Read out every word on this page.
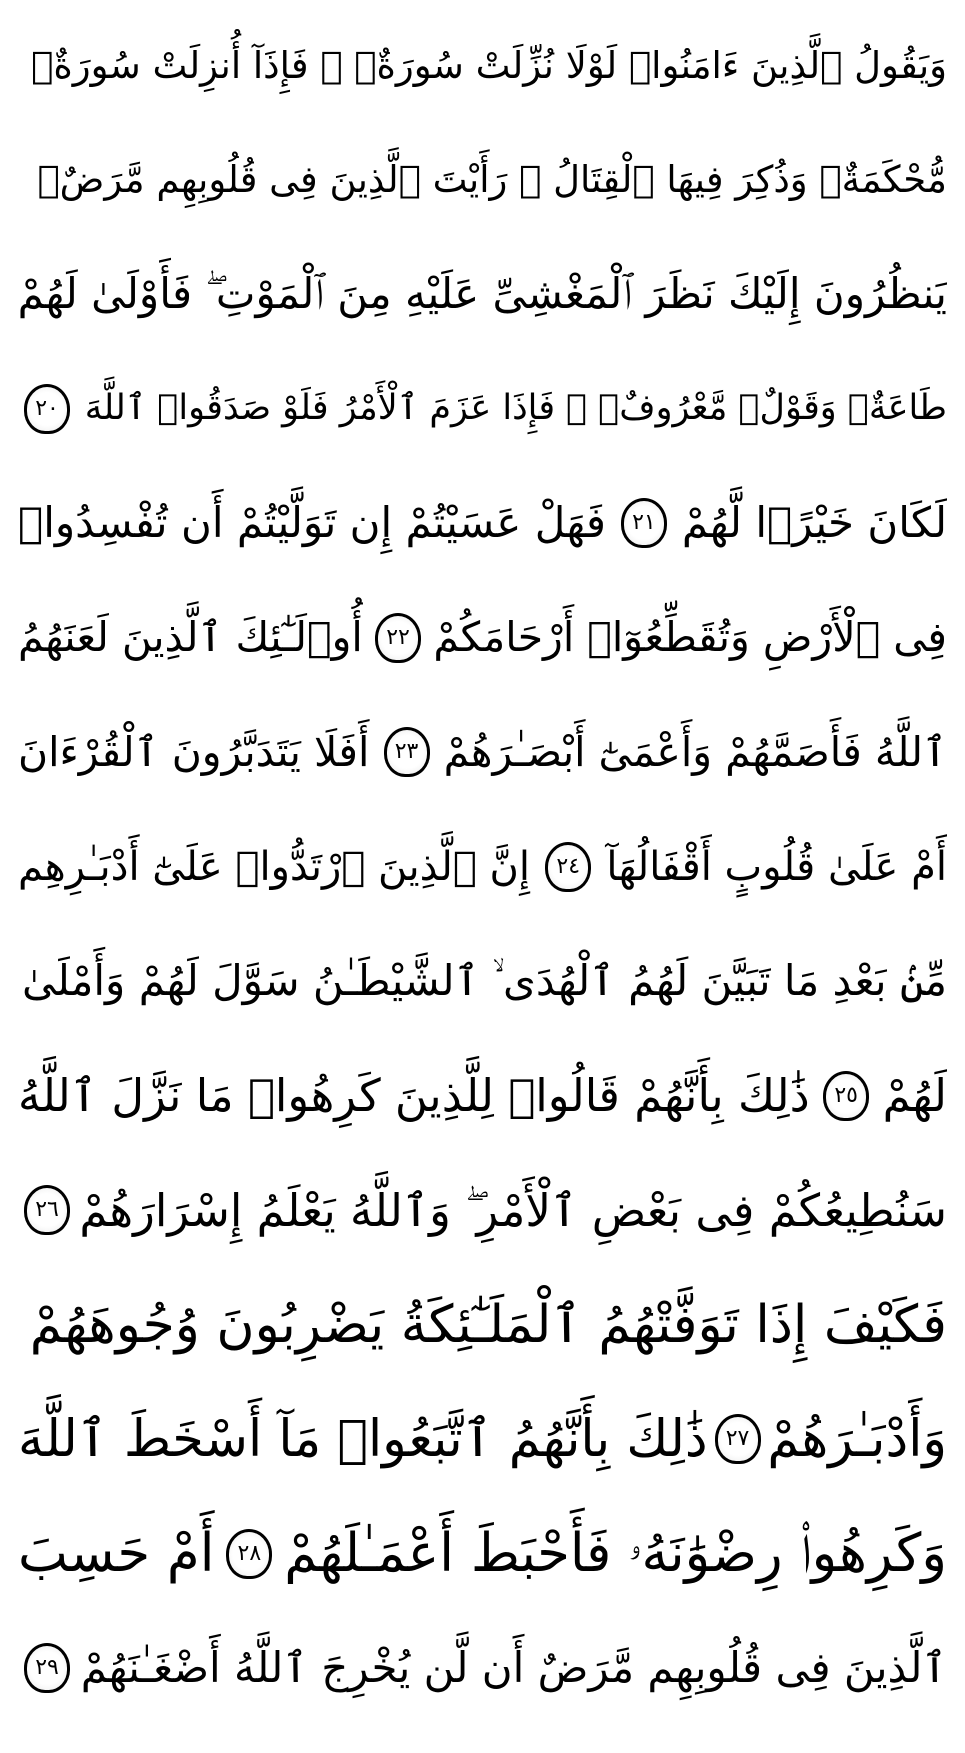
وَيَقُولُ ٱلَّذِينَ ءَامَنُوا۟ لَوْلَا نُزِّلَتْ سُورَةٌۭ ۖ فَإِذَآ أُنزِلَتْ سُورَةٌۭ
مُّحْكَمَةٌۭ وَذُكِرَ فِيهَا ٱلْقِتَالُ ۙ رَأَيْتَ ٱلَّذِينَ فِى قُلُوبِهِم مَّرَضٌۭ
يَنظُرُونَ إِلَيْكَ نَظَرَ ٱلْمَغْشِىِّ عَلَيْهِ مِنَ ٱلْمَوْتِ ۖ فَأَوْلَىٰ لَهُمْ
طَاعَةٌۭ وَقَوْلٌۭ مَّعْرُوفٌۭ ۚ فَإِذَا عَزَمَ ٱلْأَمْرُ فَلَوْ صَدَقُوا۟ ٱللَّهَ
٢٠
لَكَانَ خَيْرًۭا لَّهُمْ
٢١
فَهَلْ عَسَيْتُمْ إِن تَوَلَّيْتُمْ أَن تُفْسِدُوا۟
فِى ٱلْأَرْضِ وَتُقَطِّعُوٓا۟ أَرْحَامَكُمْ
٢٢
أُو۟لَـٰٓئِكَ ٱلَّذِينَ لَعَنَهُمُ
ٱللَّهُ فَأَصَمَّهُمْ وَأَعْمَىٰٓ أَبْصَـٰرَهُمْ
٢٣
أَفَلَا يَتَدَبَّرُونَ ٱلْقُرْءَانَ
أَمْ عَلَىٰ قُلُوبٍ أَقْفَالُهَآ
٢٤
إِنَّ ٱلَّذِينَ ٱرْتَدُّوا۟ عَلَىٰٓ أَدْبَـٰرِهِم
مِّنۢ بَعْدِ مَا تَبَيَّنَ لَهُمُ ٱلْهُدَى ۙ ٱلشَّيْطَـٰنُ سَوَّلَ لَهُمْ وَأَمْلَىٰ
لَهُمْ
٢٥
ذَٰلِكَ بِأَنَّهُمْ قَالُوا۟ لِلَّذِينَ كَرِهُوا۟ مَا نَزَّلَ ٱللَّهُ
سَنُطِيعُكُمْ فِى بَعْضِ ٱلْأَمْرِ ۖ وَٱللَّهُ يَعْلَمُ إِسْرَارَهُمْ
٢٦
فَكَيْفَ إِذَا تَوَفَّتْهُمُ ٱلْمَلَـٰٓئِكَةُ يَضْرِبُونَ وُجُوهَهُمْ
وَأَدْبَـٰرَهُمْ
٢٧
ذَٰلِكَ بِأَنَّهُمُ ٱتَّبَعُوا۟ مَآ أَسْخَطَ ٱللَّهَ
وَكَرِهُوا۟ رِضْوَٰنَهُۥ فَأَحْبَطَ أَعْمَـٰلَهُمْ
٢٨
أَمْ حَسِبَ
ٱلَّذِينَ فِى قُلُوبِهِم مَّرَضٌ أَن لَّن يُخْرِجَ ٱللَّهُ أَضْغَـٰنَهُمْ
٢٩
